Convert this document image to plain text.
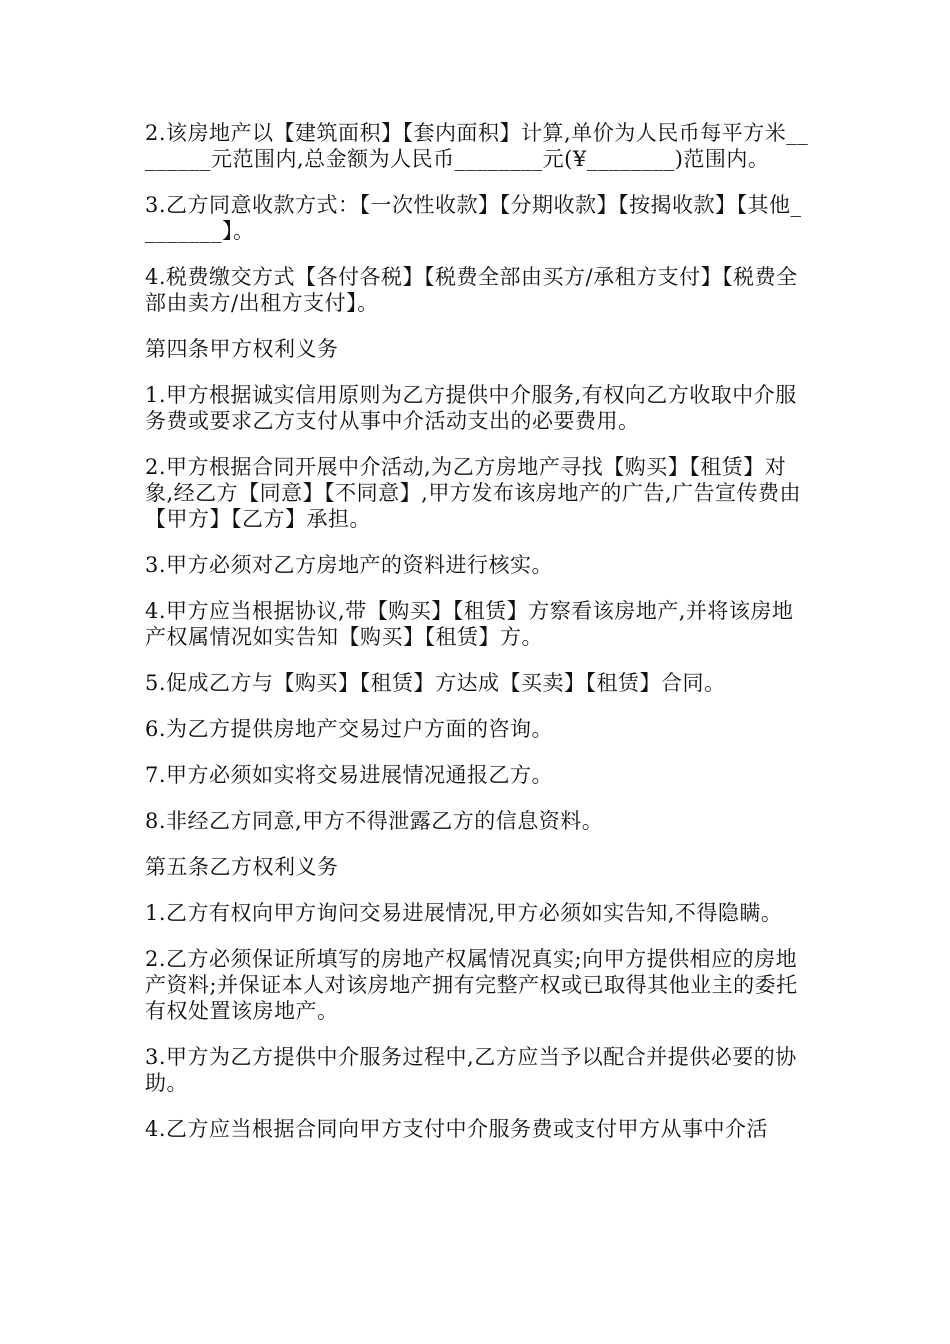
2.该房地产以【建筑面积】【套内面积】计算,单价为人民币每平方米________元范围内,总金额为人民币________元(¥________)范围内。

3.乙方同意收款方式：【一次性收款】【分期收款】【按揭收款】【其他________】。

4.税费缴交方式【各付各税】【税费全部由买方/承租方支付】【税费全部由卖方/出租方支付】。

第四条甲方权利义务

1.甲方根据诚实信用原则为乙方提供中介服务,有权向乙方收取中介服务费或要求乙方支付从事中介活动支出的必要费用。

2.甲方根据合同开展中介活动,为乙方房地产寻找【购买】【租赁】对象,经乙方【同意】【不同意】,甲方发布该房地产的广告,广告宣传费由【甲方】【乙方】承担。

3.甲方必须对乙方房地产的资料进行核实。

4.甲方应当根据协议,带【购买】【租赁】方察看该房地产,并将该房地产权属情况如实告知【购买】【租赁】方。

5.促成乙方与【购买】【租赁】方达成【买卖】【租赁】合同。

6.为乙方提供房地产交易过户方面的咨询。

7.甲方必须如实将交易进展情况通报乙方。

8.非经乙方同意,甲方不得泄露乙方的信息资料。

第五条乙方权利义务

1.乙方有权向甲方询问交易进展情况,甲方必须如实告知,不得隐瞒。

2.乙方必须保证所填写的房地产权属情况真实;向甲方提供相应的房地产资料;并保证本人对该房地产拥有完整产权或已取得其他业主的委托有权处置该房地产。

3.甲方为乙方提供中介服务过程中,乙方应当予以配合并提供必要的协助。

4.乙方应当根据合同向甲方支付中介服务费或支付甲方从事中介活
